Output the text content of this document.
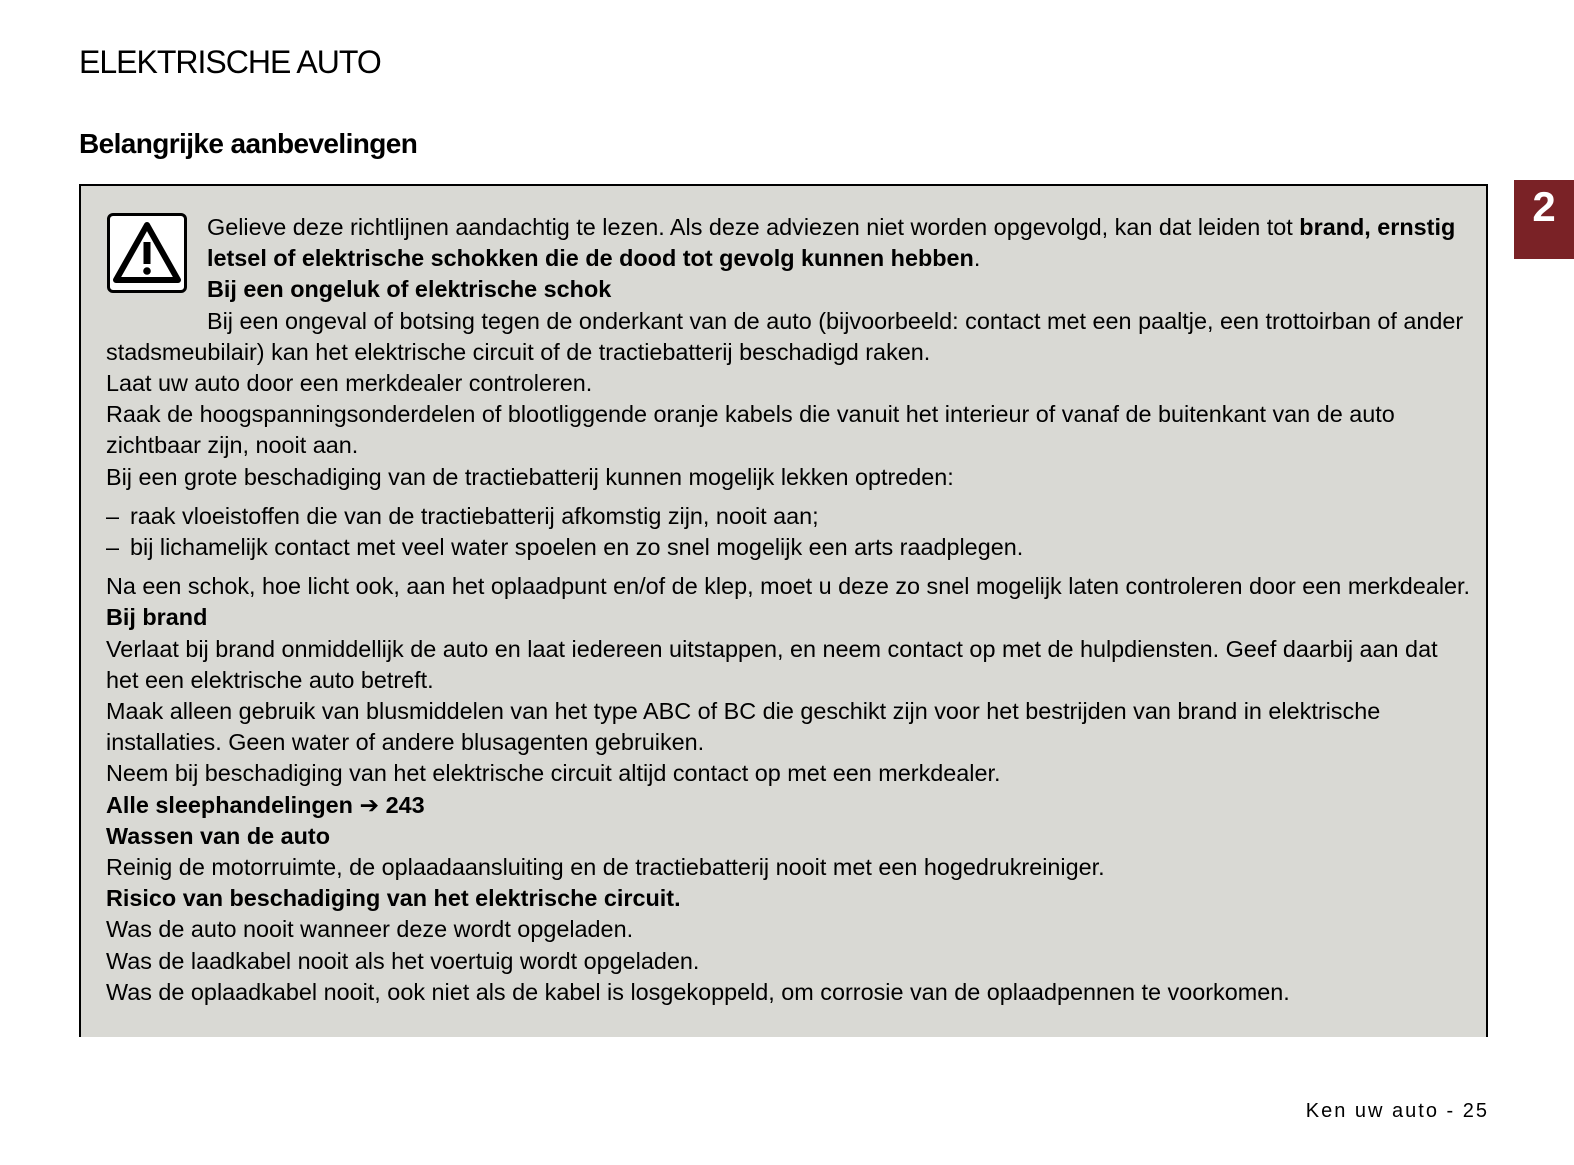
ELEKTRISCHE AUTO
Belangrijke aanbevelingen
2

Gelieve deze richtlijnen aandachtig te lezen. Als deze adviezen niet worden opgevolgd, kan dat leiden tot brand, ernstig letsel of elektrische schokken die de dood tot gevolg kunnen hebben.

Bij een ongeluk of elektrische schok

Bij een ongeval of botsing tegen de onderkant van de auto (bijvoorbeeld: contact met een paaltje, een trottoirban of ander stadsmeubilair) kan het elektrische circuit of de tractiebatterij beschadigd raken.

Laat uw auto door een merkdealer controleren.

Raak de hoogspanningsonderdelen of blootliggende oranje kabels die vanuit het interieur of vanaf de buitenkant van de auto zichtbaar zijn, nooit aan.

Bij een grote beschadiging van de tractiebatterij kunnen mogelijk lekken optreden:

– raak vloeistoffen die van de tractiebatterij afkomstig zijn, nooit aan;
– bij lichamelijk contact met veel water spoelen en zo snel mogelijk een arts raadplegen.

Na een schok, hoe licht ook, aan het oplaadpunt en/of de klep, moet u deze zo snel mogelijk laten controleren door een merkdealer.

Bij brand

Verlaat bij brand onmiddellijk de auto en laat iedereen uitstappen, en neem contact op met de hulpdiensten. Geef daarbij aan dat het een elektrische auto betreft.

Maak alleen gebruik van blusmiddelen van het type ABC of BC die geschikt zijn voor het bestrijden van brand in elektrische installaties. Geen water of andere blusagenten gebruiken.

Neem bij beschadiging van het elektrische circuit altijd contact op met een merkdealer.

Alle sleephandelingen ➔ 243

Wassen van de auto

Reinig de motorruimte, de oplaadaansluiting en de tractiebatterij nooit met een hogedrukreiniger.

Risico van beschadiging van het elektrische circuit.

Was de auto nooit wanneer deze wordt opgeladen.

Was de laadkabel nooit als het voertuig wordt opgeladen.

Was de oplaadkabel nooit, ook niet als de kabel is losgekoppeld, om corrosie van de oplaadpennen te voorkomen.

Ken uw auto - 25
